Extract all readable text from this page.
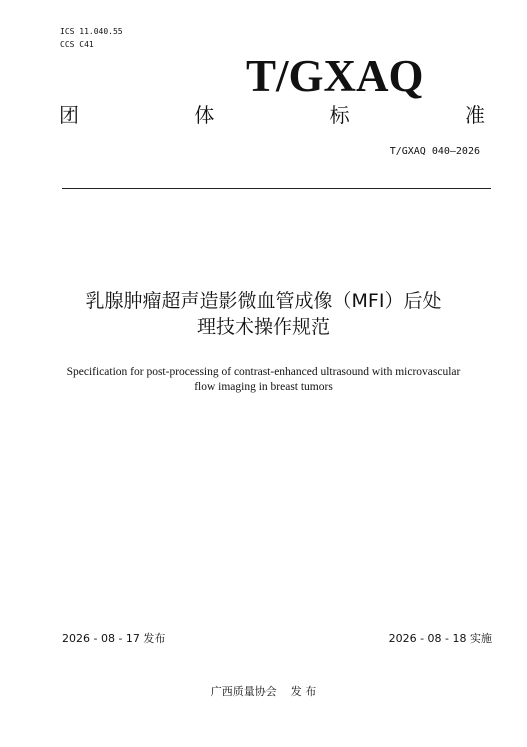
ICS 11.040.55
CCS C41
T/GXAQ
团	体	标	准
T/GXAQ 040—2026
乳腺肿瘤超声造影微血管成像（MFI）后处
理技术操作规范
Specification for post-processing of contrast-enhanced ultrasound with microvascular
flow imaging in breast tumors
2026 - 08 - 17 发布	2026 - 08 - 18 实施
广西质量协会    发 布
